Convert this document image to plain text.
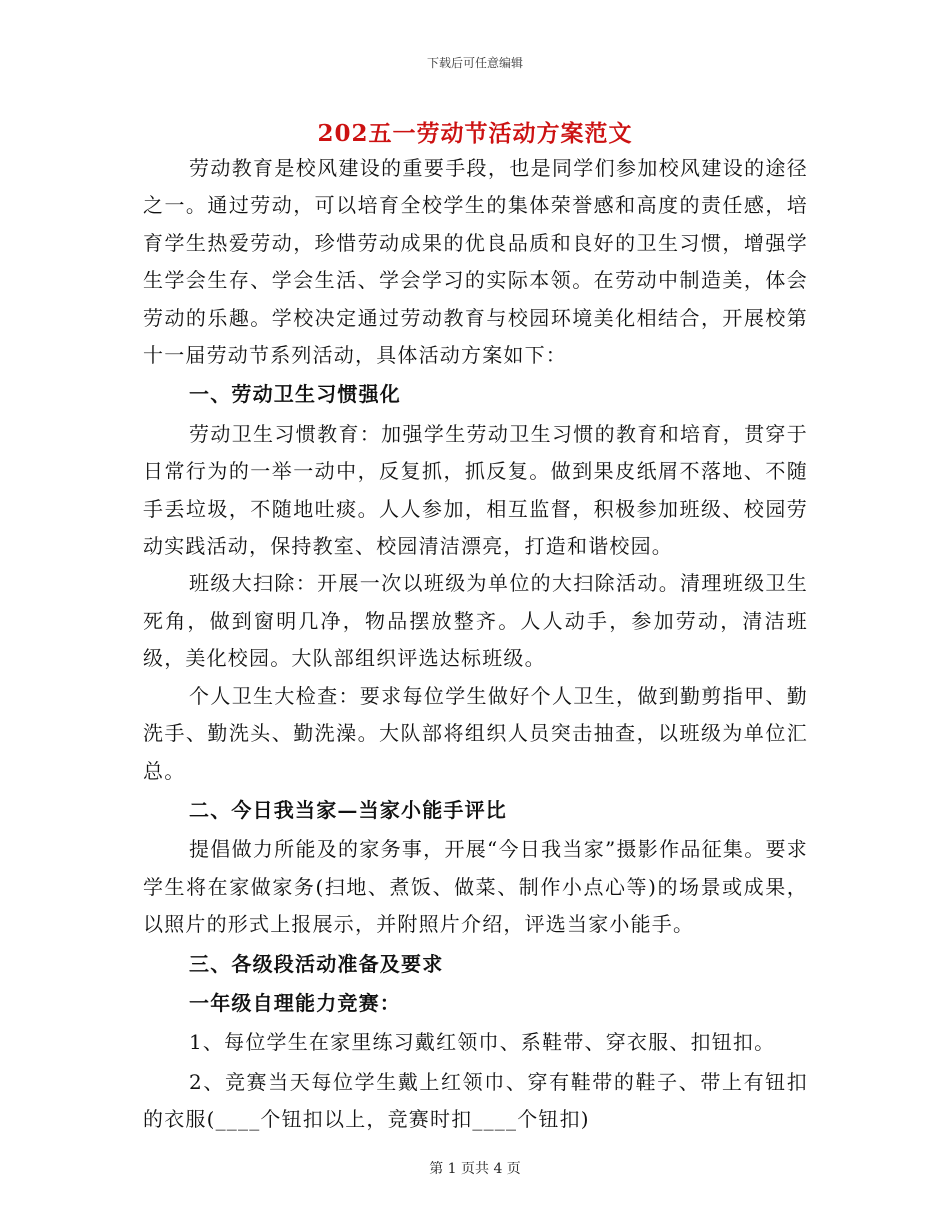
下载后可任意编辑
202五一劳动节活动方案范文

劳动教育是校风建设的重要手段，也是同学们参加校风建设的途径之一。通过劳动，可以培育全校学生的集体荣誉感和高度的责任感，培育学生热爱劳动，珍惜劳动成果的优良品质和良好的卫生习惯，增强学生学会生存、学会生活、学会学习的实际本领。在劳动中制造美，体会劳动的乐趣。学校决定通过劳动教育与校园环境美化相结合，开展校第十一届劳动节系列活动，具体活动方案如下：

一、劳动卫生习惯强化

劳动卫生习惯教育：加强学生劳动卫生习惯的教育和培育，贯穿于日常行为的一举一动中，反复抓，抓反复。做到果皮纸屑不落地、不随手丢垃圾，不随地吐痰。人人参加，相互监督，积极参加班级、校园劳动实践活动，保持教室、校园清洁漂亮，打造和谐校园。

班级大扫除：开展一次以班级为单位的大扫除活动。清理班级卫生死角，做到窗明几净，物品摆放整齐。人人动手，参加劳动，清洁班级，美化校园。大队部组织评选达标班级。

个人卫生大检查：要求每位学生做好个人卫生，做到勤剪指甲、勤洗手、勤洗头、勤洗澡。大队部将组织人员突击抽查，以班级为单位汇总。

二、今日我当家—当家小能手评比

提倡做力所能及的家务事，开展“今日我当家”摄影作品征集。要求学生将在家做家务(扫地、煮饭、做菜、制作小点心等)的场景或成果，以照片的形式上报展示，并附照片介绍，评选当家小能手。

三、各级段活动准备及要求

一年级自理能力竞赛：

1、每位学生在家里练习戴红领巾、系鞋带、穿衣服、扣钮扣。

2、竞赛当天每位学生戴上红领巾、穿有鞋带的鞋子、带上有钮扣的衣服(____个钮扣以上，竞赛时扣____个钮扣)

第 1 页共 4 页
